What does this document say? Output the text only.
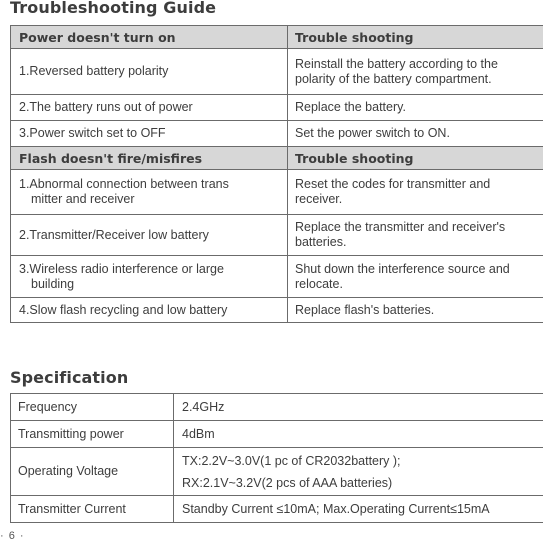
Troubleshooting Guide
Power doesn't turn on	Trouble shooting
1.Reversed battery polarity	Reinstall the battery according to the polarity of the battery compartment.
2.The battery runs out of power	Replace the battery.
3.Power switch set to OFF	Set the power switch to ON.
Flash doesn't fire/misfires	Trouble shooting
1.Abnormal connection between trans
mitter and receiver	Reset the codes for transmitter and receiver.
2.Transmitter/Receiver low battery	Replace the transmitter and receiver's batteries.
3.Wireless radio interference or large
building	Shut down the interference source and relocate.
4.Slow flash recycling and low battery	Replace flash's batteries.
Specification
Frequency	2.4GHz
Transmitting power	4dBm
Operating Voltage	TX:2.2V~3.0V(1 pc of CR2032battery );
RX:2.1V~3.2V(2 pcs of AAA batteries)

Transmitter Current	Standby Current ≤10mA; Max.Operating Current≤15mA
· 6 ·
